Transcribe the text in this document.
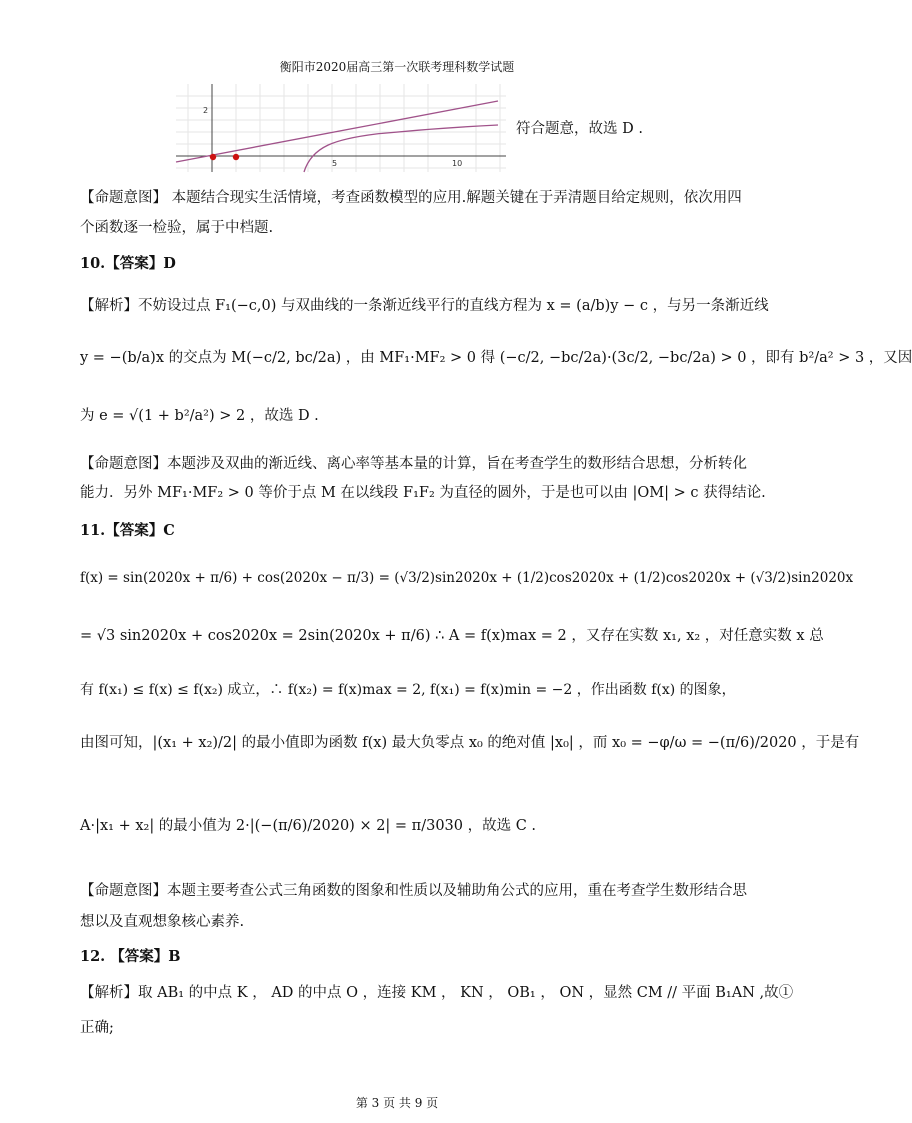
衡阳市2020届高三第一次联考理科数学试题
2
5	10
符合题意，故选 D .
【命题意图】 本题结合现实生活情境，考查函数模型的应用.解题关键在于弄清题目给定规则，依次用四
个函数逐一检验，属于中档题.
10.【答案】D
【解析】不妨设过点 F₁(−c,0) 与双曲线的一条渐近线平行的直线方程为 x = (a/b)y − c ，与另一条渐近线
y = −(b/a)x 的交点为 M(−c/2, bc/2a) ，由 MF₁·MF₂ > 0 得 (−c/2, −bc/2a)·(3c/2, −bc/2a) > 0 ，即有 b²/a² > 3 ，又因
为 e = √(1 + b²/a²) > 2 ，故选 D .
【命题意图】本题涉及双曲的渐近线、离心率等基本量的计算，旨在考查学生的数形结合思想，分析转化
能力．另外 MF₁·MF₂ > 0 等价于点 M 在以线段 F₁F₂ 为直径的圆外，于是也可以由 |OM| > c 获得结论.
11.【答案】C
f(x) = sin(2020x + π/6) + cos(2020x − π/3) = (√3/2)sin2020x + (1/2)cos2020x + (1/2)cos2020x + (√3/2)sin2020x
= √3 sin2020x + cos2020x = 2sin(2020x + π/6) ∴ A = f(x)max = 2 ，又存在实数 x₁, x₂ ，对任意实数 x 总
有 f(x₁) ≤ f(x) ≤ f(x₂) 成立，∴ f(x₂) = f(x)max = 2, f(x₁) = f(x)min = −2 ，作出函数 f(x) 的图象，
由图可知，|(x₁ + x₂)/2| 的最小值即为函数 f(x) 最大负零点 x₀ 的绝对值 |x₀| ，而 x₀ = −φ/ω = −(π/6)/2020 ，于是有
A·|x₁ + x₂| 的最小值为 2·|(−(π/6)/2020) × 2| = π/3030 ，故选 C .
【命题意图】本题主要考查公式三角函数的图象和性质以及辅助角公式的应用，重在考查学生数形结合思
想以及直观想象核心素养.
12. 【答案】B
【解析】取 AB₁ 的中点 K ， AD 的中点 O ，连接 KM ， KN ， OB₁ ， ON ，显然 CM // 平面 B₁AN ,故①
正确;
第 3 页 共 9 页
